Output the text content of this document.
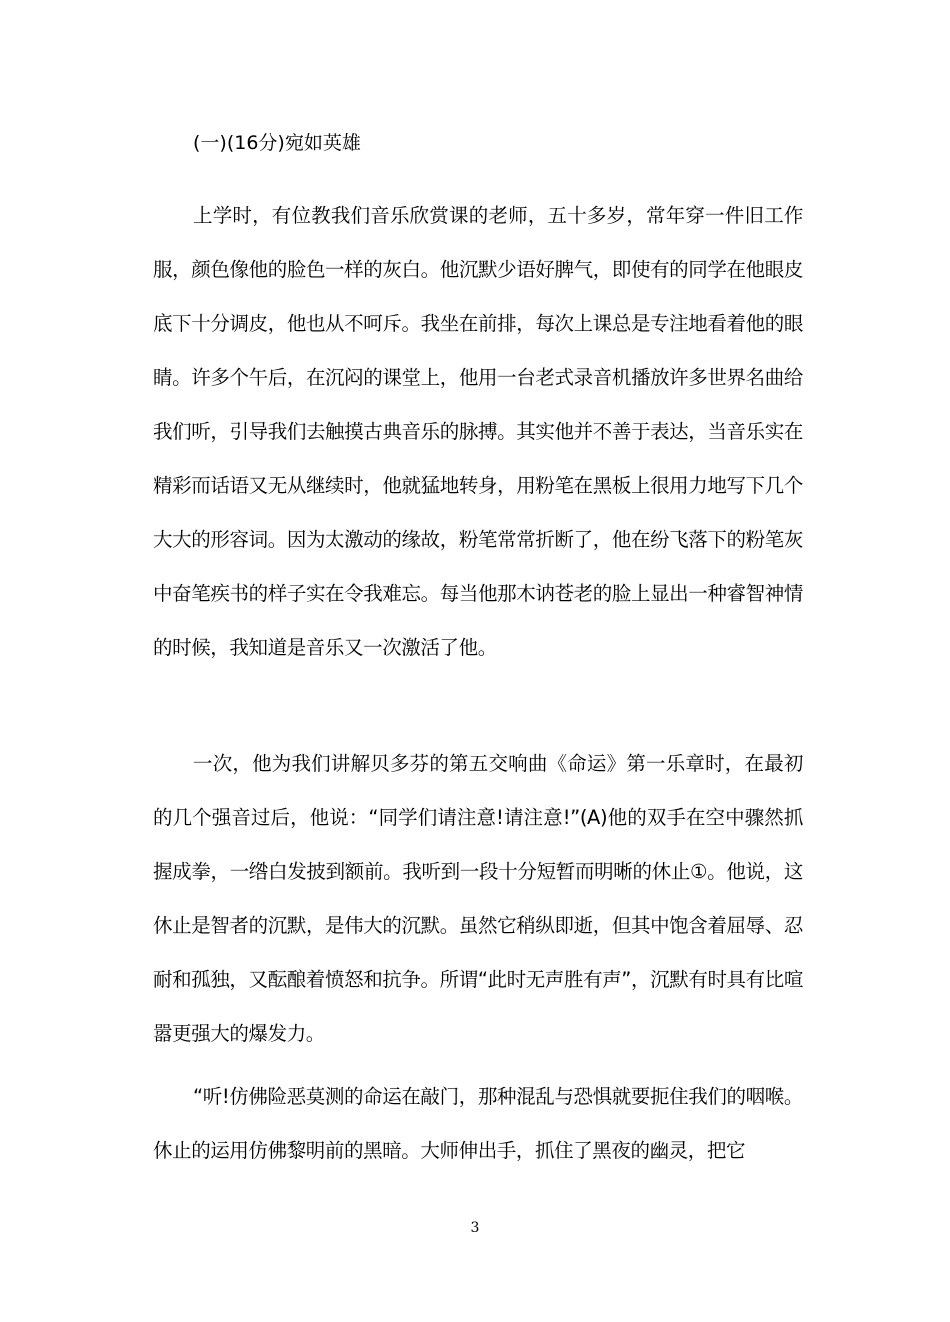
(一)(16分)宛如英雄

上学时，有位教我们音乐欣赏课的老师，五十多岁，常年穿一件旧工作服，颜色像他的脸色一样的灰白。他沉默少语好脾气，即使有的同学在他眼皮底下十分调皮，他也从不呵斥。我坐在前排，每次上课总是专注地看着他的眼睛。许多个午后，在沉闷的课堂上，他用一台老式录音机播放许多世界名曲给我们听，引导我们去触摸古典音乐的脉搏。其实他并不善于表达，当音乐实在精彩而话语又无从继续时，他就猛地转身，用粉笔在黑板上很用力地写下几个大大的形容词。因为太激动的缘故，粉笔常常折断了，他在纷飞落下的粉笔灰中奋笔疾书的样子实在令我难忘。每当他那木讷苍老的脸上显出一种睿智神情的时候，我知道是音乐又一次激活了他。

一次，他为我们讲解贝多芬的第五交响曲《命运》第一乐章时，在最初的几个强音过后，他说：“同学们请注意!请注意!”(A)他的双手在空中骤然抓握成拳，一绺白发披到额前。我听到一段十分短暂而明晰的休止①。他说，这休止是智者的沉默，是伟大的沉默。虽然它稍纵即逝，但其中饱含着屈辱、忍耐和孤独，又酝酿着愤怒和抗争。所谓“此时无声胜有声”，沉默有时具有比喧嚣更强大的爆发力。

“听!仿佛险恶莫测的命运在敲门，那种混乱与恐惧就要扼住我们的咽喉。休止的运用仿佛黎明前的黑暗。大师伸出手，抓住了黑夜的幽灵，把它

3
